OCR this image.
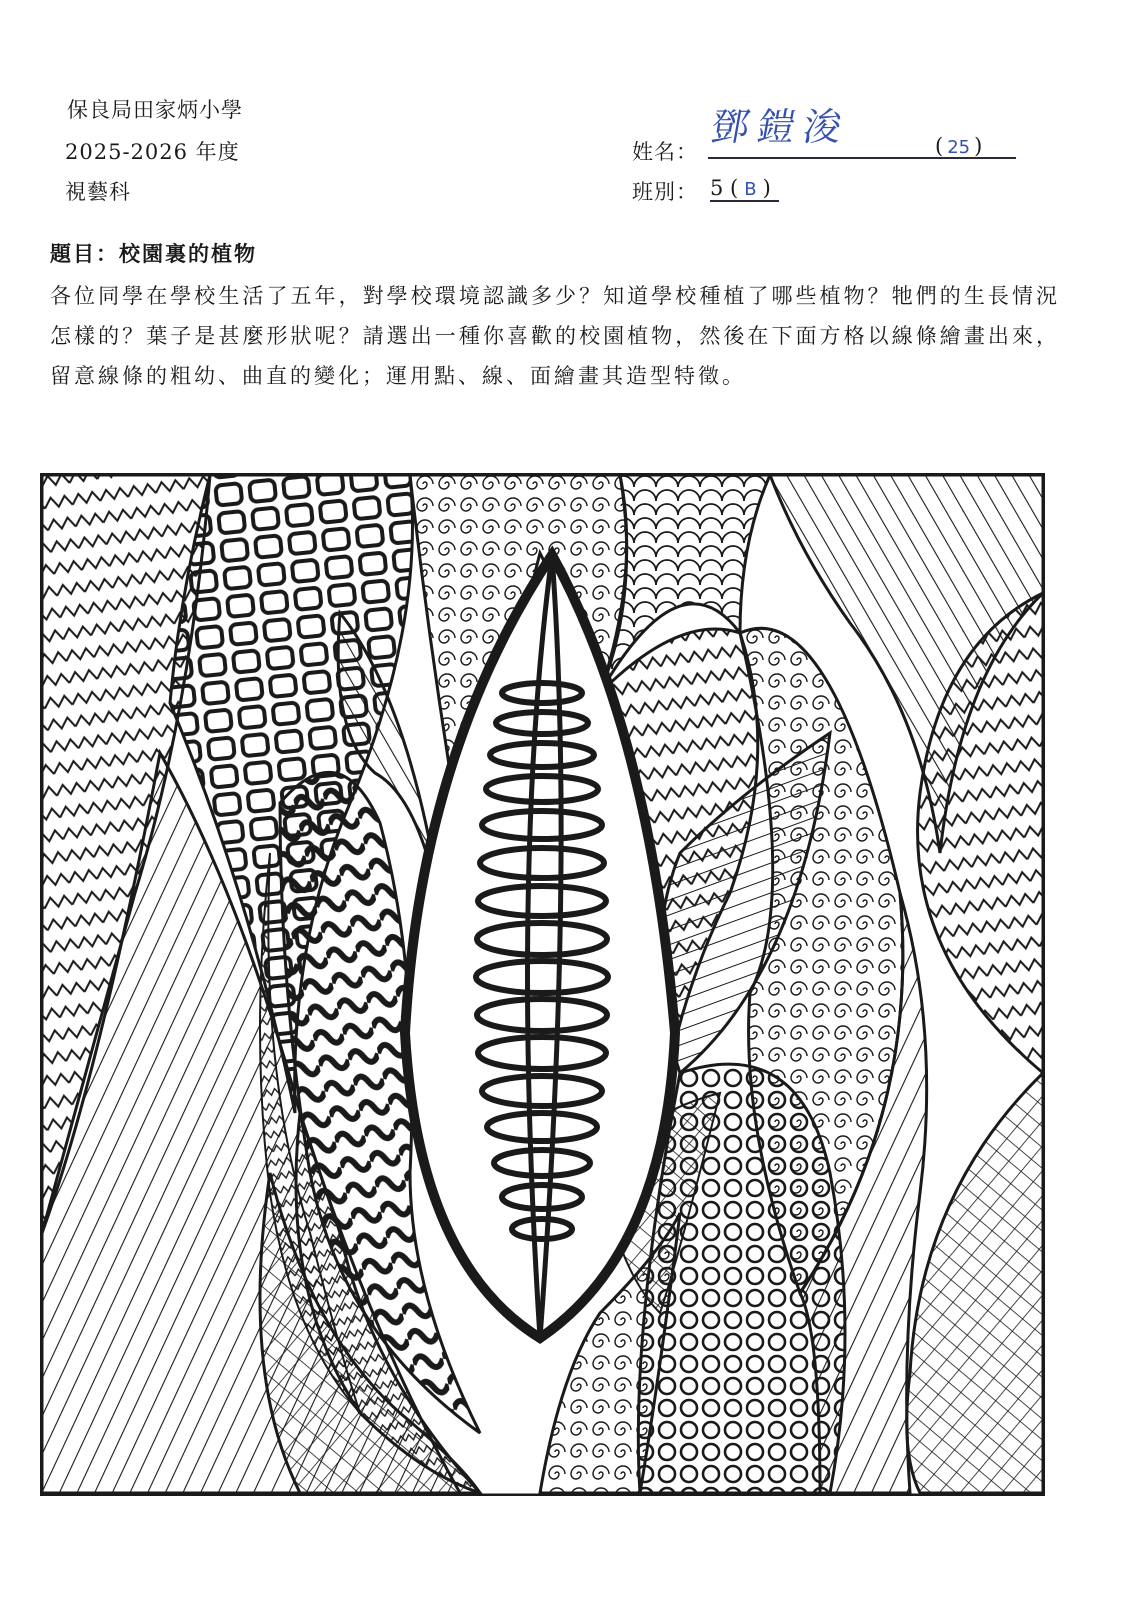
保良局田家炳小學
2025-2026 年度
視藝科
姓名：
鄧鎧浚	( 25 )
班別： 5 ( B )
題目：校園裏的植物
各位同學在學校生活了五年，對學校環境認識多少？知道學校種植了哪些植物？牠們的生長情況怎樣的？葉子是甚麼形狀呢？請選出一種你喜歡的校園植物，然後在下面方格以線條繪畫出來，留意線條的粗幼、曲直的變化；運用點、線、面繪畫其造型特徵。
